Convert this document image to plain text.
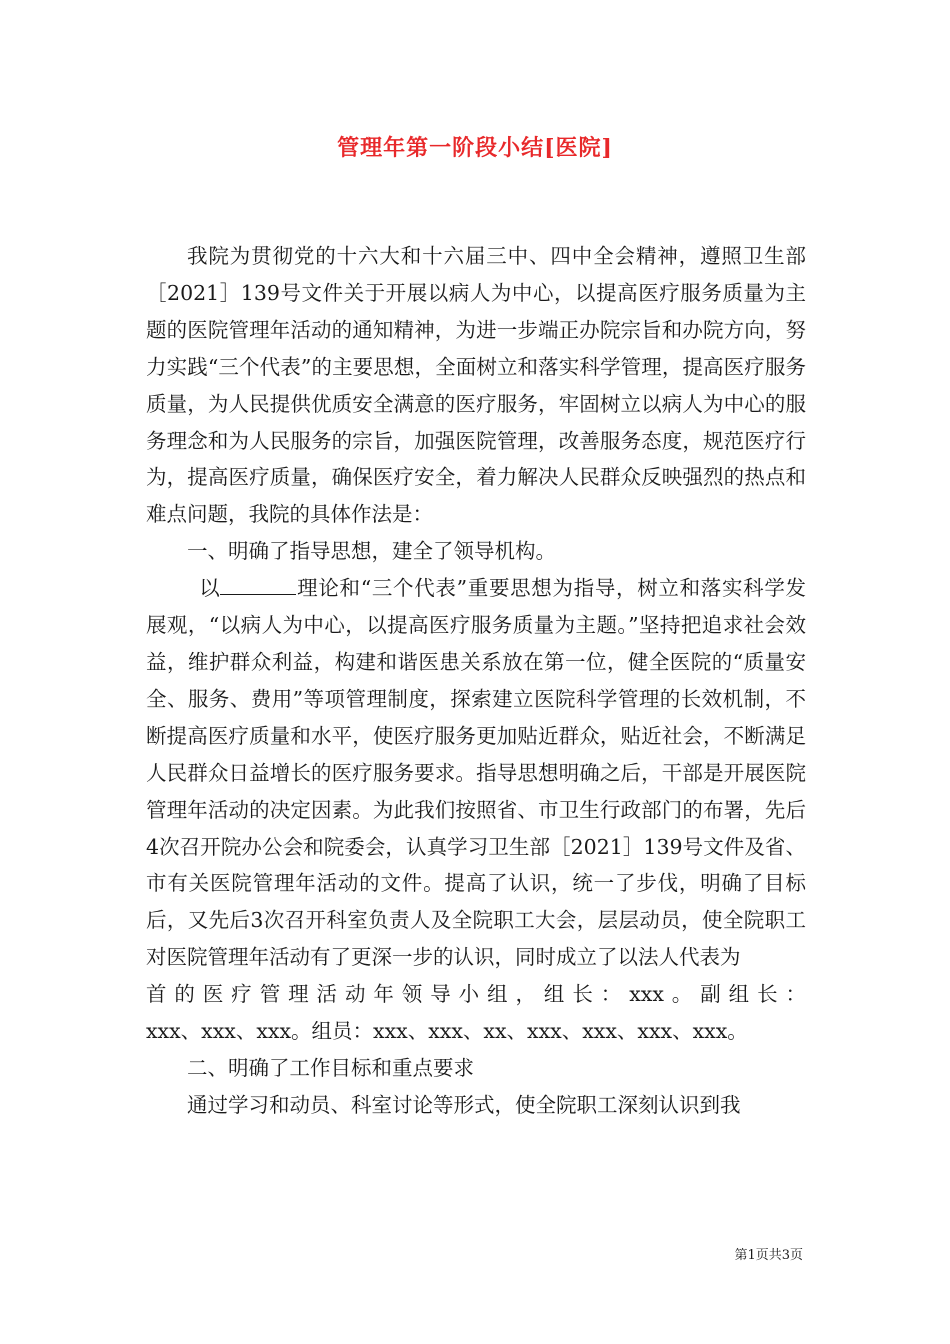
管理年第一阶段小结[医院]

我院为贯彻党的十六大和十六届三中、四中全会精神，遵照卫生部［2021］139号文件关于开展以病人为中心，以提高医疗服务质量为主题的医院管理年活动的通知精神，为进一步端正办院宗旨和办院方向，努力实践“三个代表”的主要思想，全面树立和落实科学管理，提高医疗服务质量，为人民提供优质安全满意的医疗服务，牢固树立以病人为中心的服务理念和为人民服务的宗旨，加强医院管理，改善服务态度，规范医疗行为，提高医疗质量，确保医疗安全，着力解决人民群众反映强烈的热点和难点问题，我院的具体作法是：

一、明确了指导思想，建全了领导机构。

以	理论和“三个代表”重要思想为指导，树立和落实科学发展观，“以病人为中心，以提高医疗服务质量为主题。”坚持把追求社会效益，维护群众利益，构建和谐医患关系放在第一位，健全医院的“质量安全、服务、费用”等项管理制度，探索建立医院科学管理的长效机制，不断提高医疗质量和水平，使医疗服务更加贴近群众，贴近社会，不断满足人民群众日益增长的医疗服务要求。指导思想明确之后，干部是开展医院管理年活动的决定因素。为此我们按照省、市卫生行政部门的布署，先后4次召开院办公会和院委会，认真学习卫生部［2021］139号文件及省、市有关医院管理年活动的文件。提高了认识，统一了步伐，明确了目标后，又先后3次召开科室负责人及全院职工大会，层层动员，使全院职工对医院管理年活动有了更深一步的认识，同时成立了以法人代表为

首的医疗管理活动年领导小组，组长：xxx。副组长：

xxx、xxx、xxx。组员：xxx、xxx、xx、xxx、xxx、xxx、xxx。

二、明确了工作目标和重点要求

通过学习和动员、科室讨论等形式，使全院职工深刻认识到我

第1页共3页
